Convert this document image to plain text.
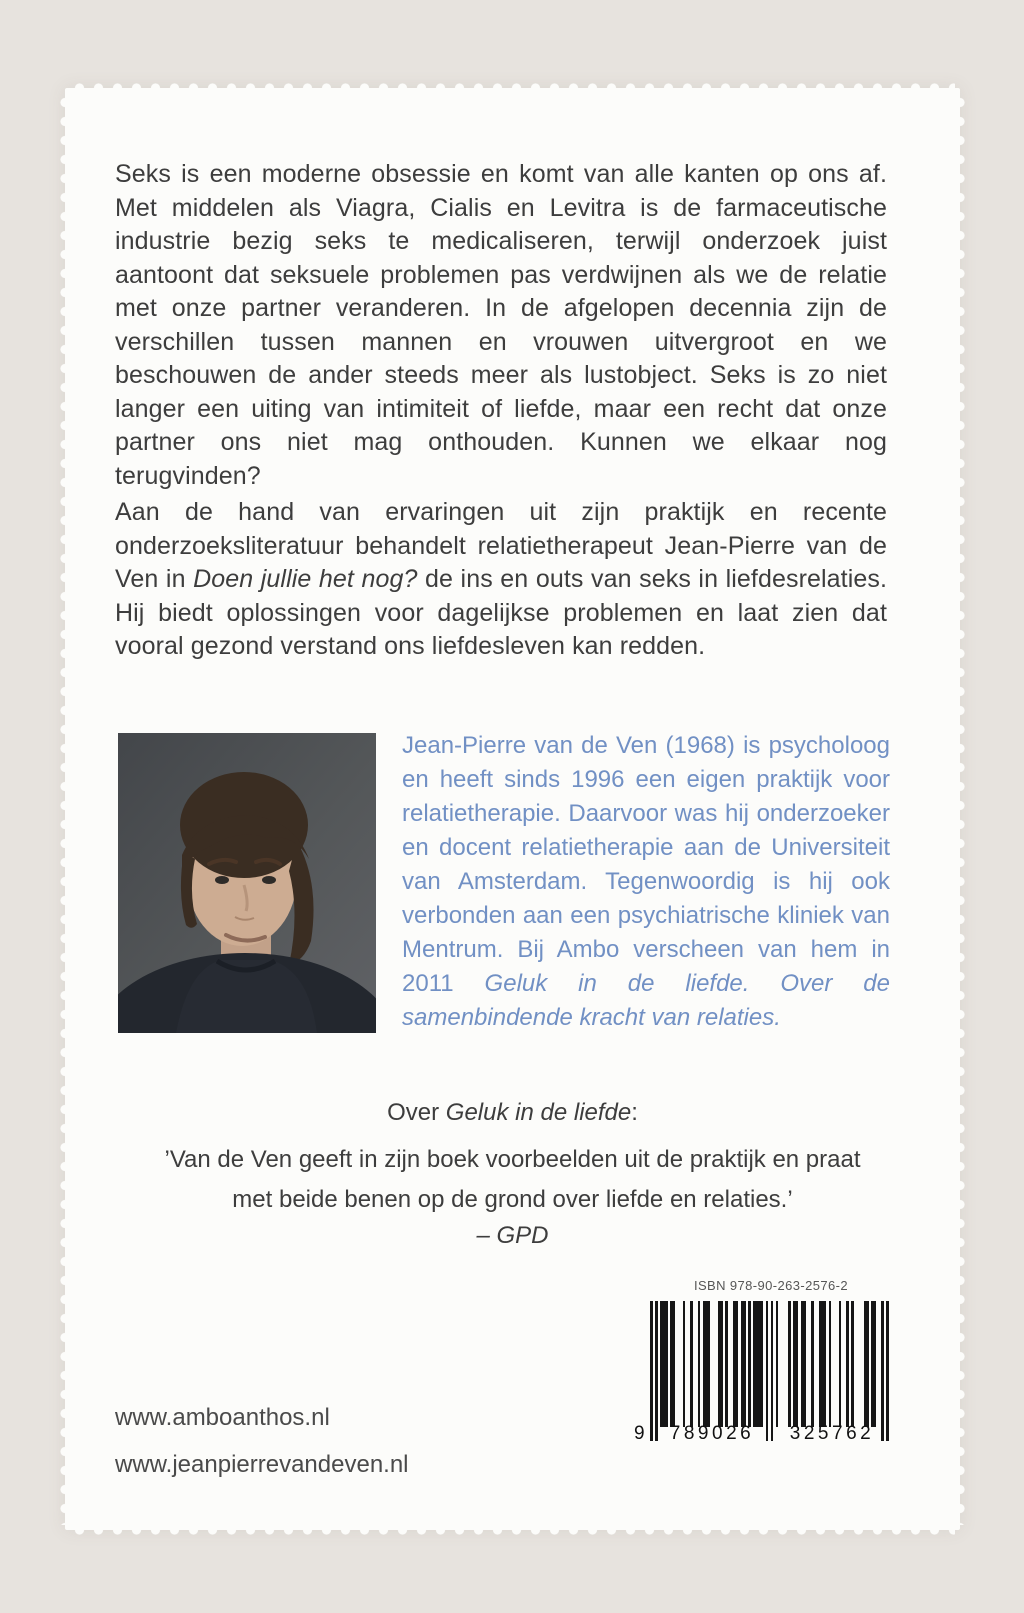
Seks is een moderne obsessie en komt van alle kanten op ons af. Met middelen als Viagra, Cialis en Levitra is de farmaceutische industrie bezig seks te medicaliseren, terwijl onderzoek juist aantoont dat seksuele problemen pas verdwijnen als we de relatie met onze partner veranderen. In de afgelopen decennia zijn de verschillen tussen mannen en vrouwen uitvergroot en we beschouwen de ander steeds meer als lustobject. Seks is zo niet langer een uiting van intimiteit of liefde, maar een recht dat onze partner ons niet mag onthouden. Kunnen we elkaar nog terugvinden?

Aan de hand van ervaringen uit zijn praktijk en recente onderzoeksliteratuur behandelt relatietherapeut Jean-Pierre van de Ven in Doen jullie het nog? de ins en outs van seks in liefdesrelaties. Hij biedt oplossingen voor dagelijkse problemen en laat zien dat vooral gezond verstand ons liefdesleven kan redden.

Jean-Pierre van de Ven (1968) is psycholoog en heeft sinds 1996 een eigen praktijk voor relatietherapie. Daarvoor was hij onderzoeker en docent relatietherapie aan de Universiteit van Amsterdam. Tegenwoordig is hij ook verbonden aan een psychiatrische kliniek van Mentrum. Bij Ambo verscheen van hem in 2011 Geluk in de liefde. Over de samenbindende kracht van relaties.

Over Geluk in de liefde:

’Van de Ven geeft in zijn boek voorbeelden uit de praktijk en praat met beide benen op de grond over liefde en relaties.’

– GPD

www.amboanthos.nl
www.jeanpierrevandeven.nl
ISBN 978-90-263-2576-2
9	789026	325762
